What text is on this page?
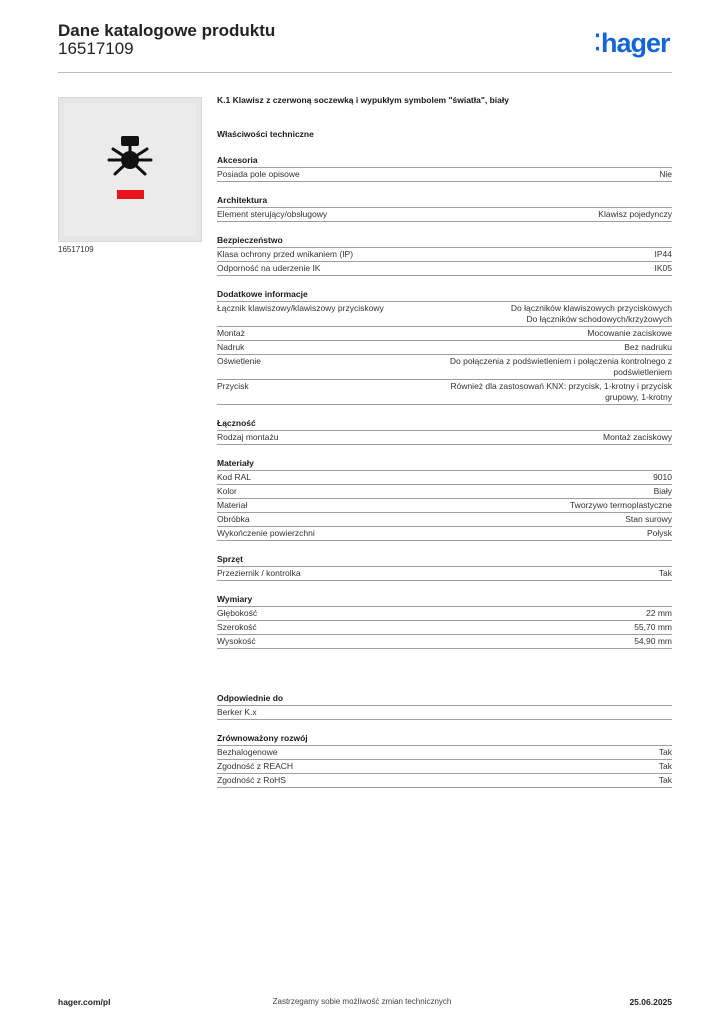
Dane katalogowe produktu
16517109	⁚hager
16517109
K.1 Klawisz z czerwoną soczewką i wypukłym symbolem "światła", biały
Właściwości techniczne
Akcesoria
Posiada pole opisowe	Nie
Architektura
Element sterujący/obsługowy	Klawisz pojedynczy
Bezpieczeństwo
Klasa ochrony przed wnikaniem (IP)	IP44
Odporność na uderzenie IK	IK05
Dodatkowe informacje
Łącznik klawiszowy/klawiszowy przyciskowy	Do łączników klawiszowych przyciskowych
Do łączników schodowych/krzyżowych
Montaż	Mocowanie zaciskowe
Nadruk	Bez nadruku
Oświetlenie	Do połączenia z podświetleniem i połączenia kontrolnego z
podświetleniem
Przycisk	Również dla zastosowań KNX: przycisk, 1-krotny i przycisk
grupowy, 1-krotny
Łączność
Rodzaj montażu	Montaż zaciskowy
Materiały
Kod RAL	9010
Kolor	Biały
Materiał	Tworzywo termoplastyczne
Obróbka	Stan surowy
Wykończenie powierzchni	Połysk
Sprzęt
Przeziernik / kontrolka	Tak
Wymiary
Głębokość	22 mm
Szerokość	55,70 mm
Wysokość	54,90 mm
Odpowiednie do
Berker K.x
Zrównoważony rozwój
Bezhalogenowe	Tak
Zgodność z REACH	Tak
Zgodność z RoHS	Tak
hager.com/pl	Zastrzegamy sobie możliwość zmian technicznych	25.06.2025
